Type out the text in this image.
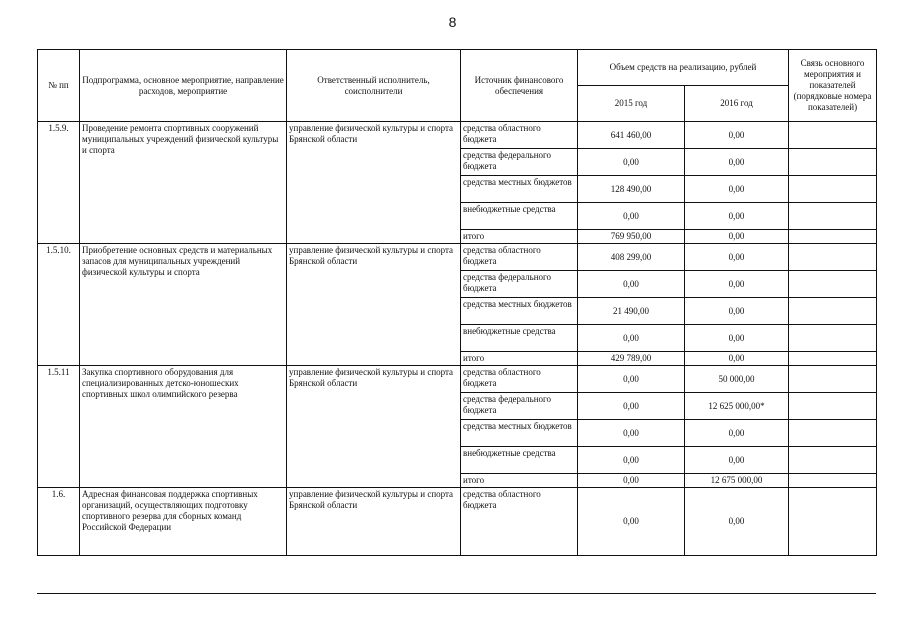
8
№ пп	Подпрограмма, основное мероприятие, направление расходов, мероприятие	Ответственный исполнитель, соисполнители	Источник финансового обеспечения	Объем средств на реализацию, рублей		Связь основного мероприятия и показателей (порядковые номера показателей)
				2015 год	2016 год	
1.5.9.	Проведение ремонта спортивных сооружений муниципальных учреждений физической культуры и спорта	управление физической культуры и спорта Брянской области	средства областного бюджета	641 460,00	0,00	
			средства федерального бюджета	0,00	0,00	
			средства местных бюджетов	128 490,00	0,00	
			внебюджетные средства	0,00	0,00	
			итого	769 950,00	0,00	
1.5.10.	Приобретение основных средств и материальных запасов для муниципальных учреждений физической культуры и спорта	управление физической культуры и спорта Брянской области	средства областного бюджета	408 299,00	0,00	
			средства федерального бюджета	0,00	0,00	
			средства местных бюджетов	21 490,00	0,00	
			внебюджетные средства	0,00	0,00	
			итого	429 789,00	0,00	
1.5.11	Закупка спортивного оборудования для специализированных детско-юношеских спортивных школ олимпийского резерва	управление физической культуры и спорта Брянской области	средства областного бюджета	0,00	50 000,00	
			средства федерального бюджета	0,00	12 625 000,00*	
			средства местных бюджетов	0,00	0,00	
			внебюджетные средства	0,00	0,00	
			итого	0,00	12 675 000,00	
1.6.	Адресная финансовая поддержка спортивных организаций, осуществляющих подготовку спортивного резерва для сборных команд Российской Федерации	управление физической культуры и спорта Брянской области	средства областного бюджета	0,00	0,00	
